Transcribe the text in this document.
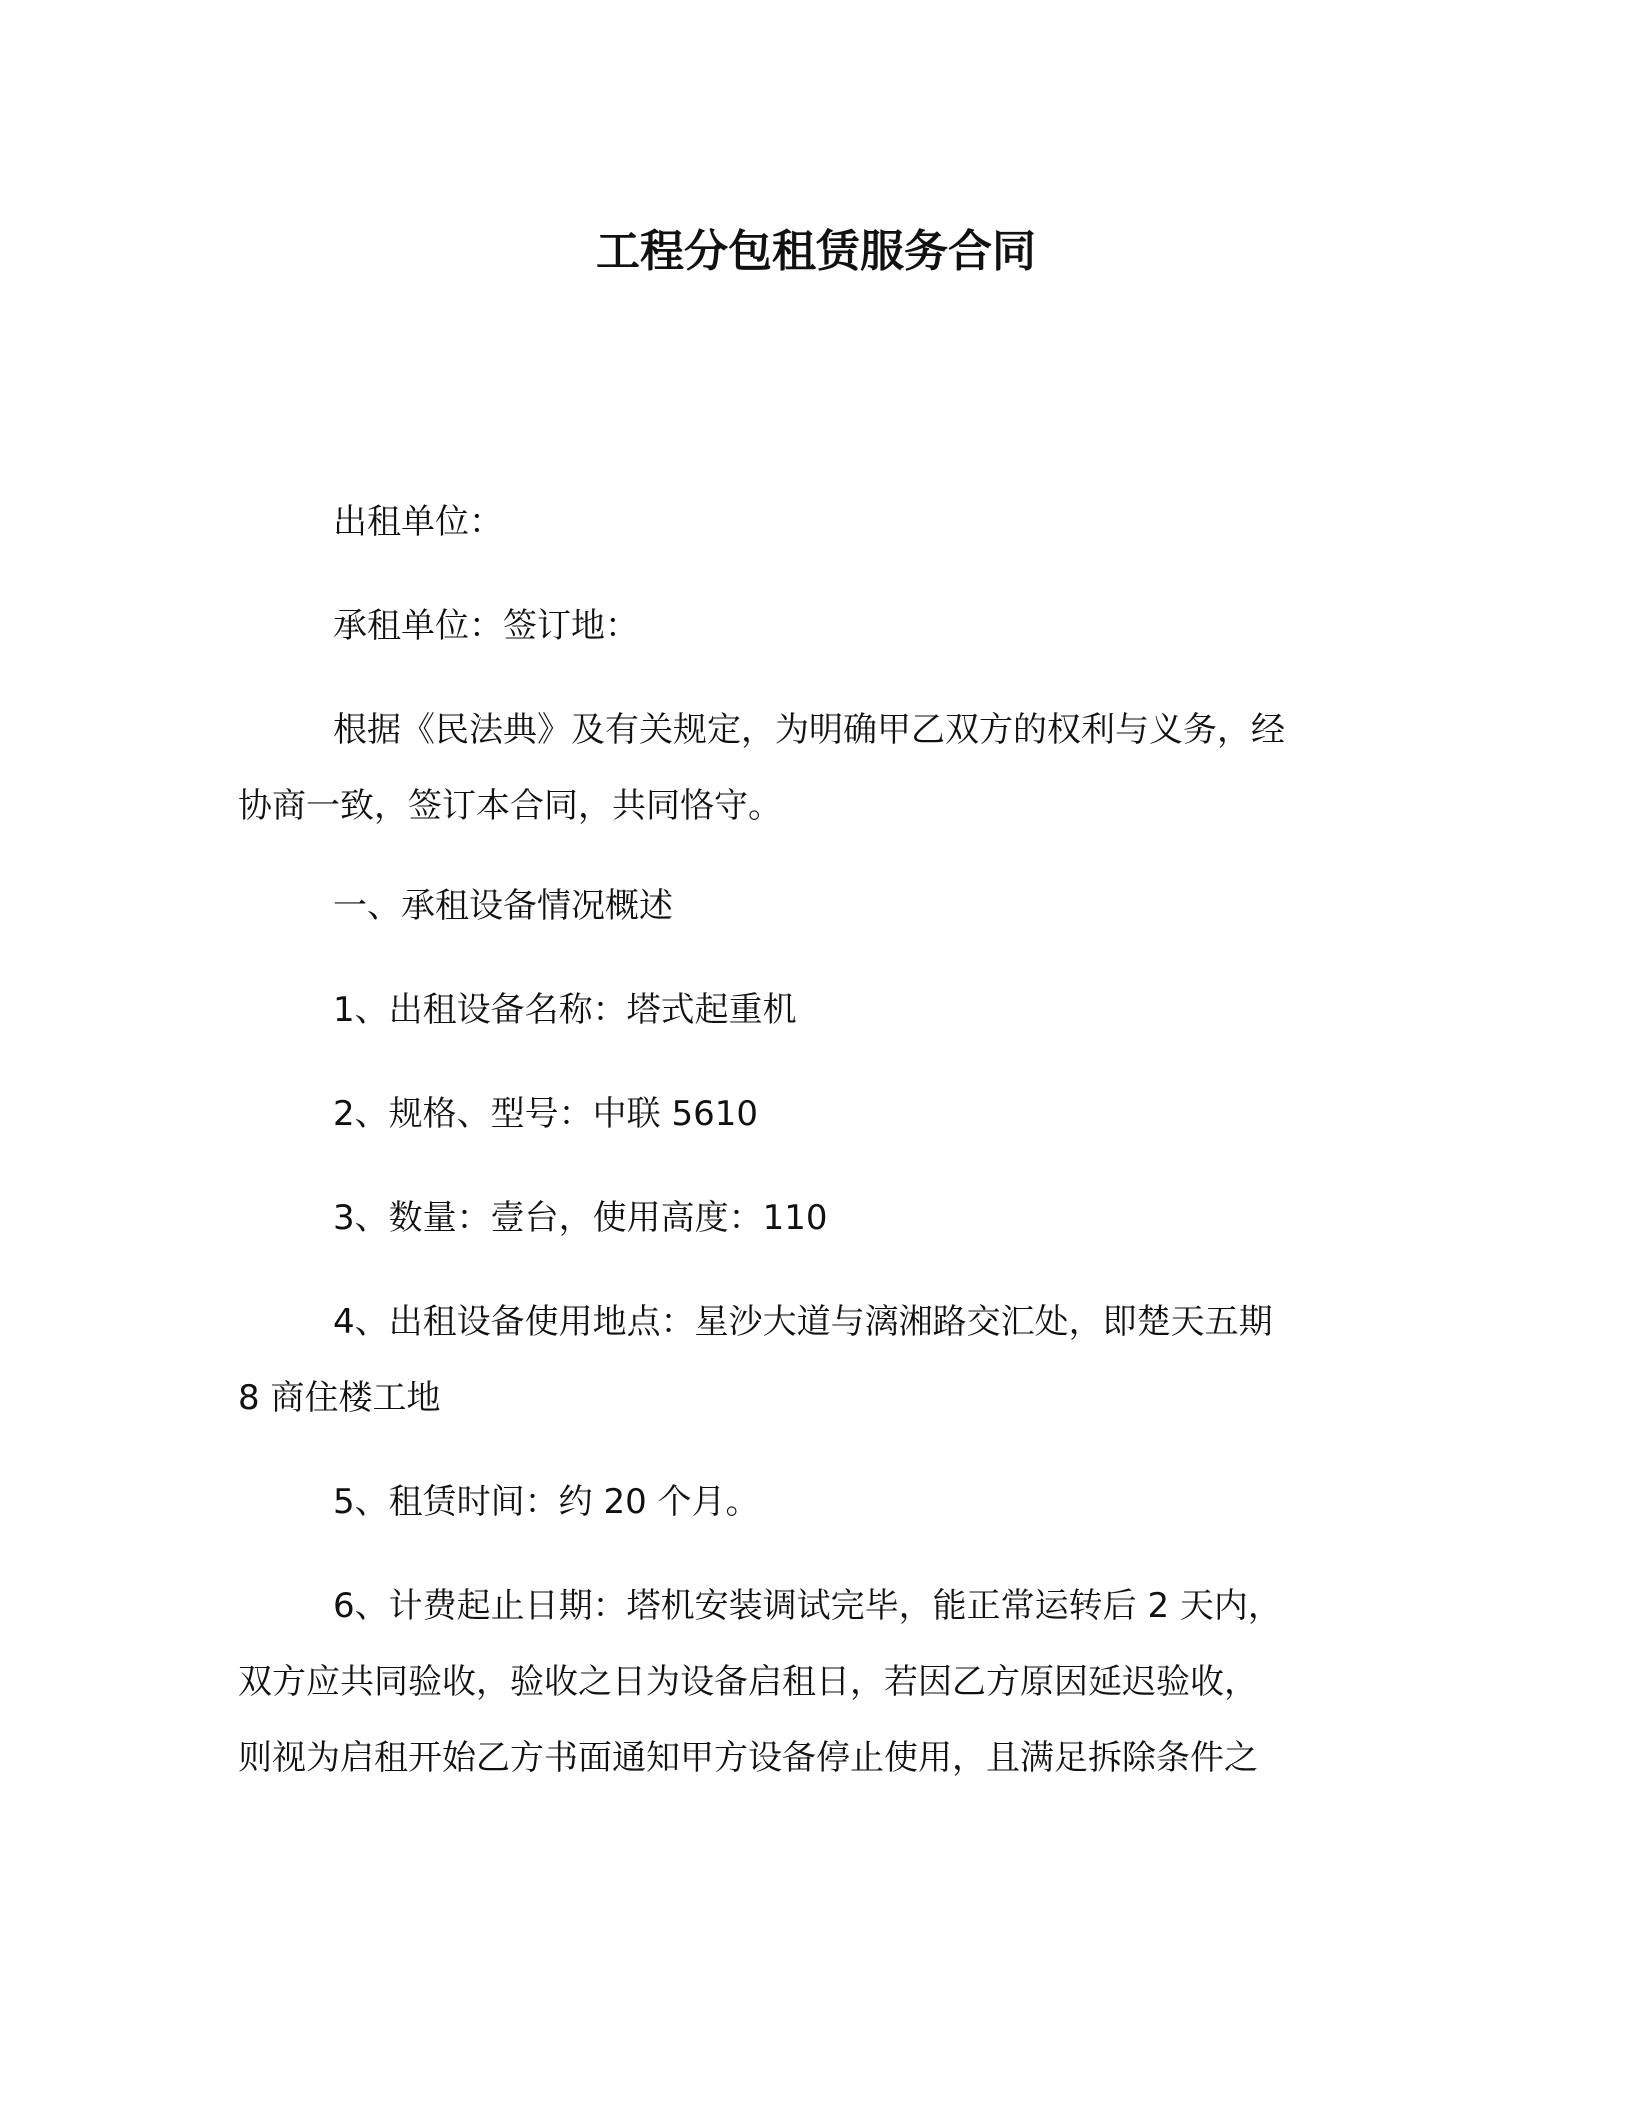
工程分包租赁服务合同
出租单位：
承租单位：签订地：
根据《民法典》及有关规定，为明确甲乙双方的权利与义务，经
协商一致，签订本合同，共同恪守。
一、承租设备情况概述
1、出租设备名称：塔式起重机
2、规格、型号：中联 5610
3、数量：壹台，使用高度：110
4、出租设备使用地点：星沙大道与漓湘路交汇处，即楚天五期
8 商住楼工地
5、租赁时间：约 20 个月。
6、计费起止日期：塔机安装调试完毕，能正常运转后 2 天内，
双方应共同验收，验收之日为设备启租日，若因乙方原因延迟验收，
则视为启租开始乙方书面通知甲方设备停止使用，且满足拆除条件之
